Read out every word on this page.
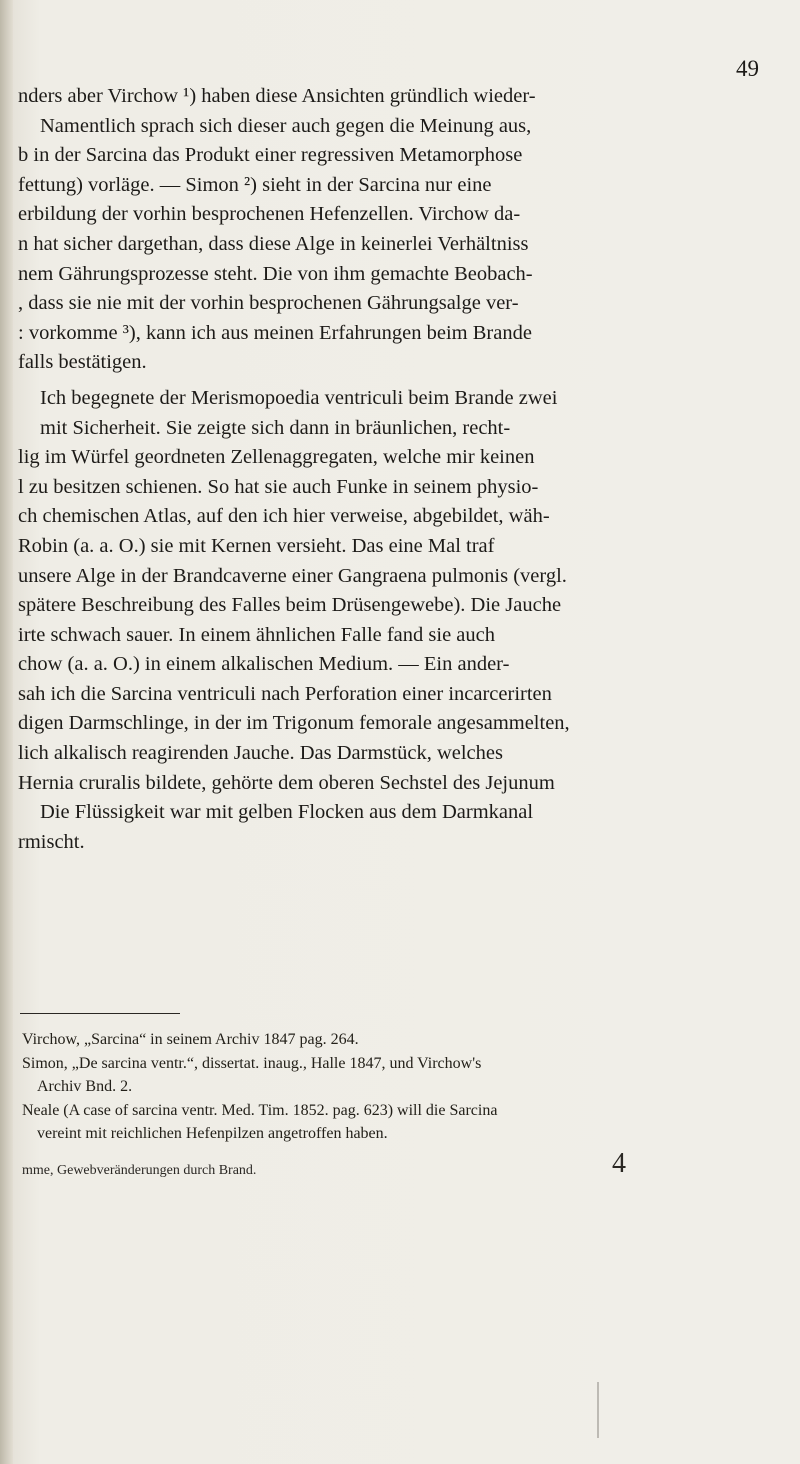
49
nders aber Virchow ¹) haben diese Ansichten gründlich wieder-
Namentlich sprach sich dieser auch gegen die Meinung aus,
b in der Sarcina das Produkt einer regressiven Metamorphose
fettung) vorläge. — Simon ²) sieht in der Sarcina nur eine
erbildung der vorhin besprochenen Hefenzellen. Virchow da-
n hat sicher dargethan, dass diese Alge in keinerlei Verhältniss
nem Gährungsprozesse steht. Die von ihm gemachte Beobach-
, dass sie nie mit der vorhin besprochenen Gährungsalge ver-
: vorkomme ³), kann ich aus meinen Erfahrungen beim Brande
falls bestätigen.
Ich begegnete der Merismopoedia ventriculi beim Brande zwei
mit Sicherheit. Sie zeigte sich dann in bräunlichen, recht-
lig im Würfel geordneten Zellenaggregaten, welche mir keinen
l zu besitzen schienen. So hat sie auch Funke in seinem physio-
ch chemischen Atlas, auf den ich hier verweise, abgebildet, wäh-
Robin (a. a. O.) sie mit Kernen versieht. Das eine Mal traf
unsere Alge in der Brandcaverne einer Gangraena pulmonis (vergl.
spätere Beschreibung des Falles beim Drüsengewebe). Die Jauche
irte schwach sauer. In einem ähnlichen Falle fand sie auch
chow (a. a. O.) in einem alkalischen Medium. — Ein ander-
sah ich die Sarcina ventriculi nach Perforation einer incarcerirten
digen Darmschlinge, in der im Trigonum femorale angesammelten,
lich alkalisch reagirenden Jauche. Das Darmstück, welches
Hernia cruralis bildete, gehörte dem oberen Sechstel des Jejunum
Die Flüssigkeit war mit gelben Flocken aus dem Darmkanal
rmischt.
Virchow, „Sarcina“ in seinem Archiv 1847 pag. 264.
Simon, „De sarcina ventr.“, dissertat. inaug., Halle 1847, und Virchow's
Archiv Bnd. 2.
Neale (A case of sarcina ventr. Med. Tim. 1852. pag. 623) will die Sarcina
vereint mit reichlichen Hefenpilzen angetroffen haben.
mme, Gewebveränderungen durch Brand.	4
